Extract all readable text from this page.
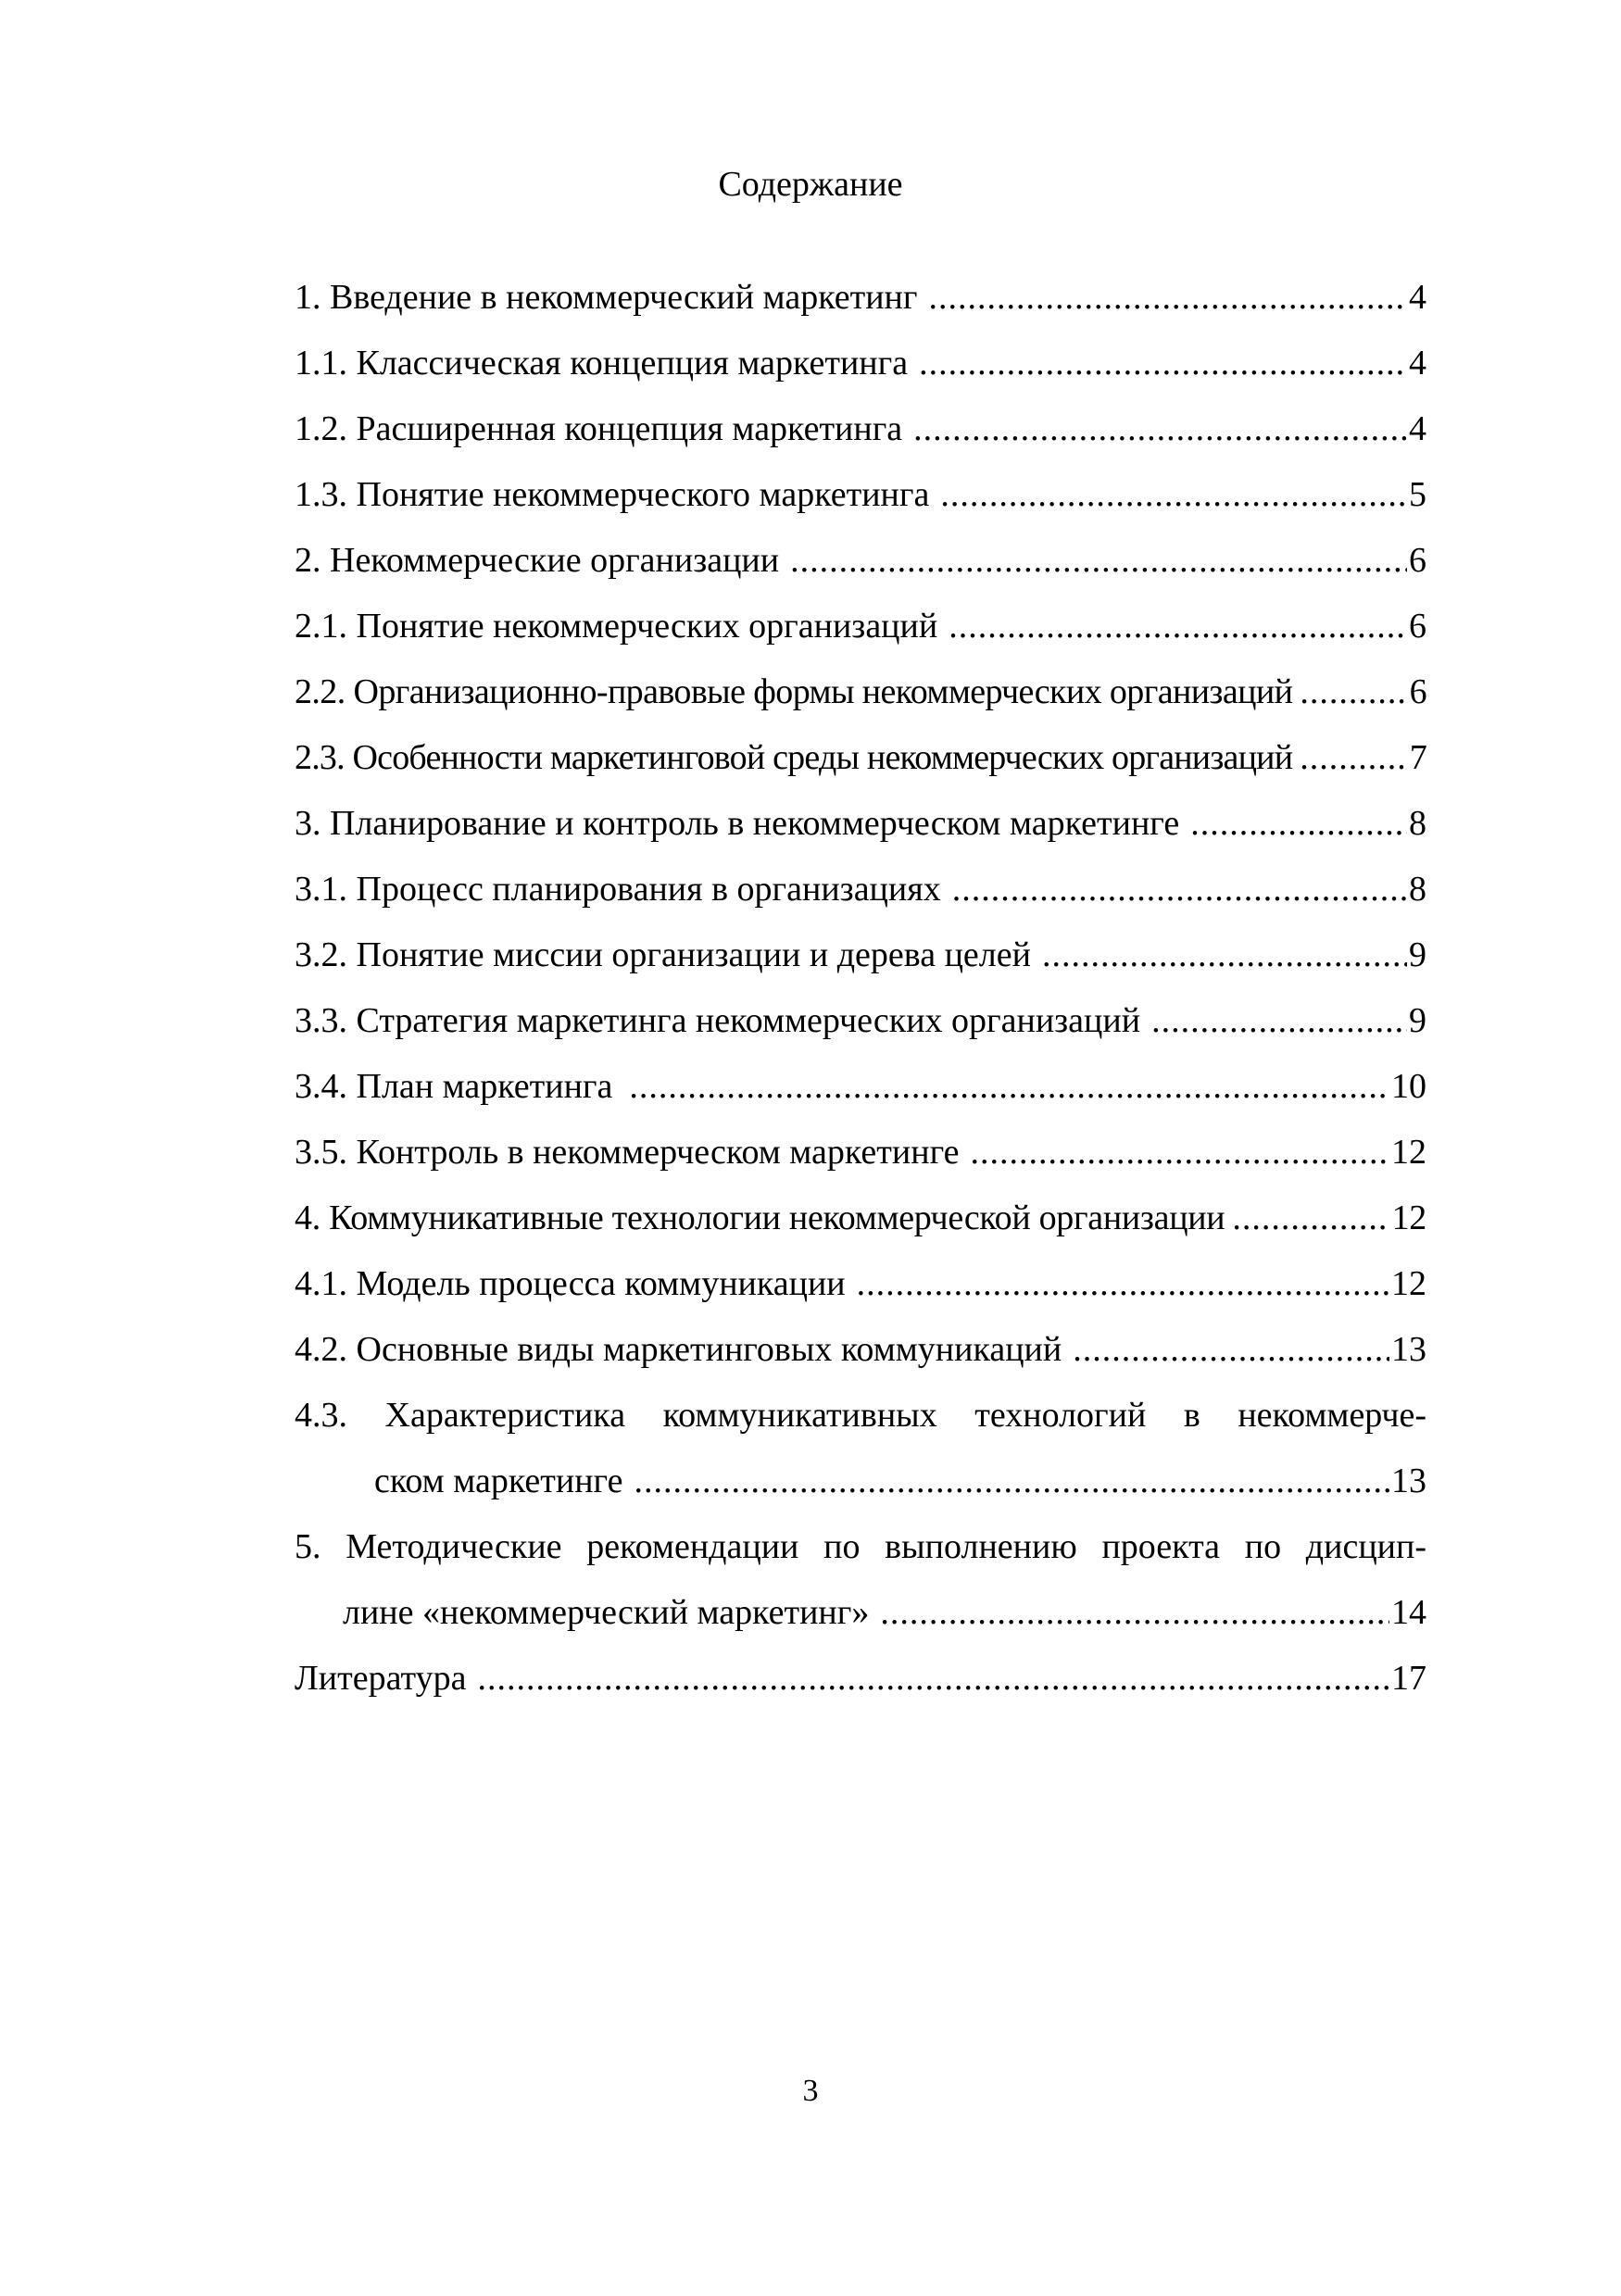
Содержание
1. Введение в некоммерческий маркетинг .....	4
1.1. Классическая концепция маркетинга .....	4
1.2. Расширенная концепция маркетинга .....	4
1.3. Понятие некоммерческого маркетинга .....	5
2. Некоммерческие организации .....	6
2.1. Понятие некоммерческих организаций .....	6
2.2. Организационно-правовые формы некоммерческих организаций .....	6
2.3. Особенности маркетинговой среды некоммерческих организаций .....	7
3. Планирование и контроль в некоммерческом маркетинге .....	8
3.1. Процесс планирования в организациях .....	8
3.2. Понятие миссии организации и дерева целей .....	9
3.3. Стратегия маркетинга некоммерческих организаций .....	9
3.4. План маркетинга .....	10
3.5. Контроль в некоммерческом маркетинге .....	12
4. Коммуникативные технологии некоммерческой организации .....	12
4.1. Модель процесса коммуникации .....	12
4.2. Основные виды маркетинговых коммуникаций .....	13
4.3. Характеристика коммуникативных технологий в некоммерче-
ском маркетинге .....	13
5. Методические рекомендации по выполнению проекта по дисцип-
лине «некоммерческий маркетинг» .....	14
Литература .....	17
3
